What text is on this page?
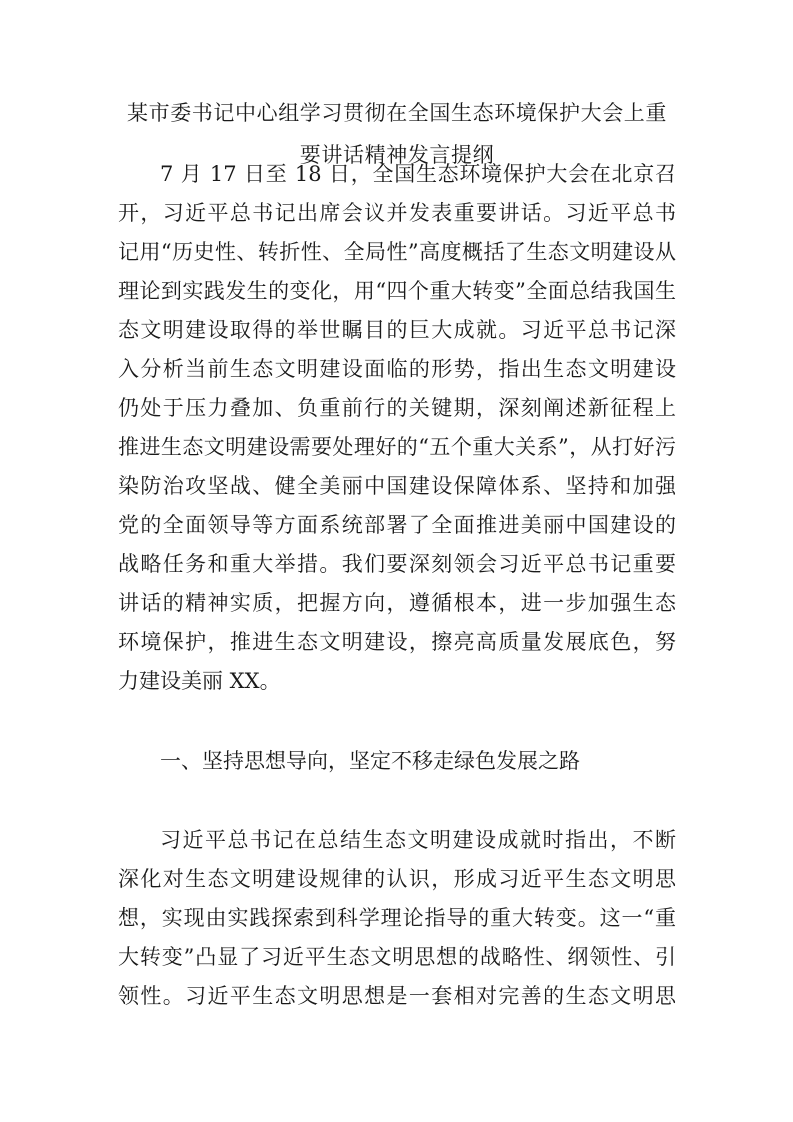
某市委书记中心组学习贯彻在全国生态环境保护大会上重
要讲话精神发言提纲
7 月 17 日至 18 日，全国生态环境保护大会在北京召
开，习近平总书记出席会议并发表重要讲话。习近平总书
记用“历史性、转折性、全局性”高度概括了生态文明建设从
理论到实践发生的变化，用“四个重大转变”全面总结我国生
态文明建设取得的举世瞩目的巨大成就。习近平总书记深
入分析当前生态文明建设面临的形势，指出生态文明建设
仍处于压力叠加、负重前行的关键期，深刻阐述新征程上
推进生态文明建设需要处理好的“五个重大关系”，从打好污
染防治攻坚战、健全美丽中国建设保障体系、坚持和加强
党的全面领导等方面系统部署了全面推进美丽中国建设的
战略任务和重大举措。我们要深刻领会习近平总书记重要
讲话的精神实质，把握方向，遵循根本，进一步加强生态
环境保护，推进生态文明建设，擦亮高质量发展底色，努
力建设美丽 XX。
一、坚持思想导向，坚定不移走绿色发展之路
习近平总书记在总结生态文明建设成就时指出，不断
深化对生态文明建设规律的认识，形成习近平生态文明思
想，实现由实践探索到科学理论指导的重大转变。这一“重
大转变”凸显了习近平生态文明思想的战略性、纲领性、引
领性。习近平生态文明思想是一套相对完善的生态文明思
